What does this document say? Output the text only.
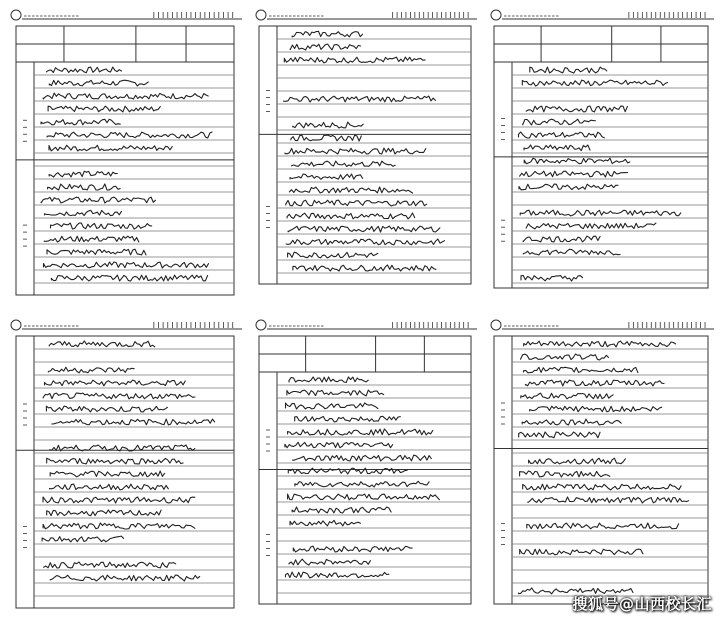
搜狐号@山西校长汇
